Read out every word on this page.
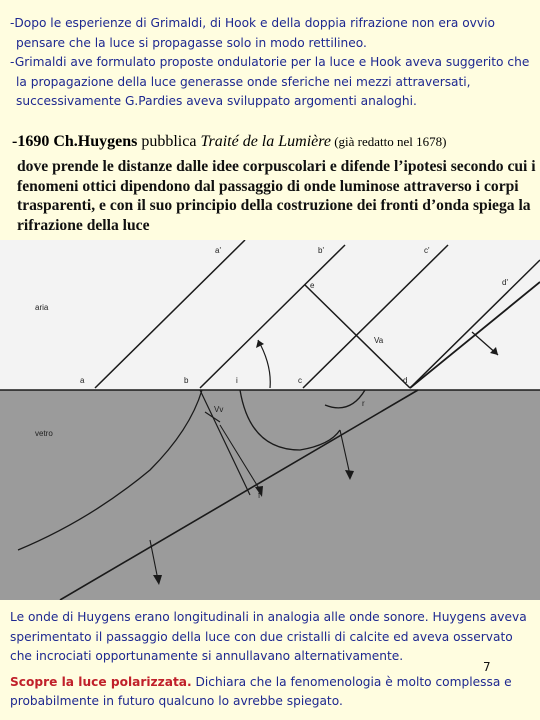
-Dopo le esperienze di Grimaldi, di Hook e della doppia rifrazione non era ovvio pensare che la luce si propagasse solo in modo rettilineo.

-Grimaldi ave formulato proposte ondulatorie per la luce e Hook aveva suggerito che la propagazione della luce generasse onde sferiche nei mezzi attraversati, successivamente G.Pardies aveva sviluppato argomenti analoghi.

-1690 Ch.Huygens pubblica Traité de la Lumière (già redatto nel 1678)
dove prende le distanze dalle idee corpuscolari e difende l’ipotesi secondo cui i fenomeni ottici dipendono dal passaggio di onde luminose attraverso i corpi trasparenti, e con il suo principio della costruzione dei fronti d’onda spiega la rifrazione della luce
aria
vetro
a'	b'	c'
d'
e
Va
a	b	i	c	d
Vv
r
f

Le onde di Huygens erano longitudinali in analogia alle onde sonore. Huygens aveva sperimentato il passaggio della luce con due cristalli di calcite ed aveva osservato che incrociati opportunamente si annullavano alternativamente.

Scopre la luce polarizzata. Dichiara che la fenomenologia è molto complessa e probabilmente in futuro qualcuno lo avrebbe spiegato.

7
